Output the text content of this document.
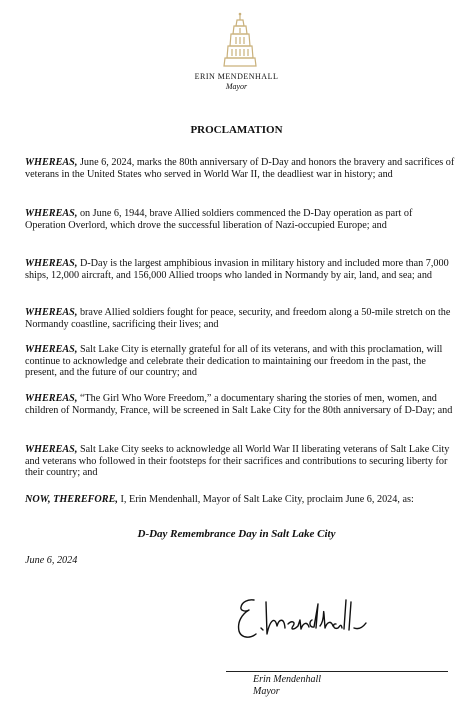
ERIN MENDENHALL
Mayor
PROCLAMATION

WHEREAS, June 6, 2024, marks the 80th anniversary of D-Day and honors the bravery and sacrifices of veterans in the United States who served in World War II, the deadliest war in history; and

WHEREAS, on June 6, 1944, brave Allied soldiers commenced the D-Day operation as part of Operation Overlord, which drove the successful liberation of Nazi-occupied Europe; and

WHEREAS, D-Day is the largest amphibious invasion in military history and included more than 7,000 ships, 12,000 aircraft, and 156,000 Allied troops who landed in Normandy by air, land, and sea; and

WHEREAS, brave Allied soldiers fought for peace, security, and freedom along a 50-mile stretch on the Normandy coastline, sacrificing their lives; and

WHEREAS, Salt Lake City is eternally grateful for all of its veterans, and with this proclamation, will continue to acknowledge and celebrate their dedication to maintaining our freedom in the past, the present, and the future of our country; and

WHEREAS, “The Girl Who Wore Freedom,” a documentary sharing the stories of men, women, and children of Normandy, France, will be screened in Salt Lake City for the 80th anniversary of D-Day; and

WHEREAS, Salt Lake City seeks to acknowledge all World War II liberating veterans of Salt Lake City and veterans who followed in their footsteps for their sacrifices and contributions to securing liberty for their country; and

NOW, THEREFORE, I, Erin Mendenhall, Mayor of Salt Lake City, proclaim June 6, 2024, as:

D-Day Remembrance Day in Salt Lake City
June 6, 2024
Erin Mendenhall
Mayor
